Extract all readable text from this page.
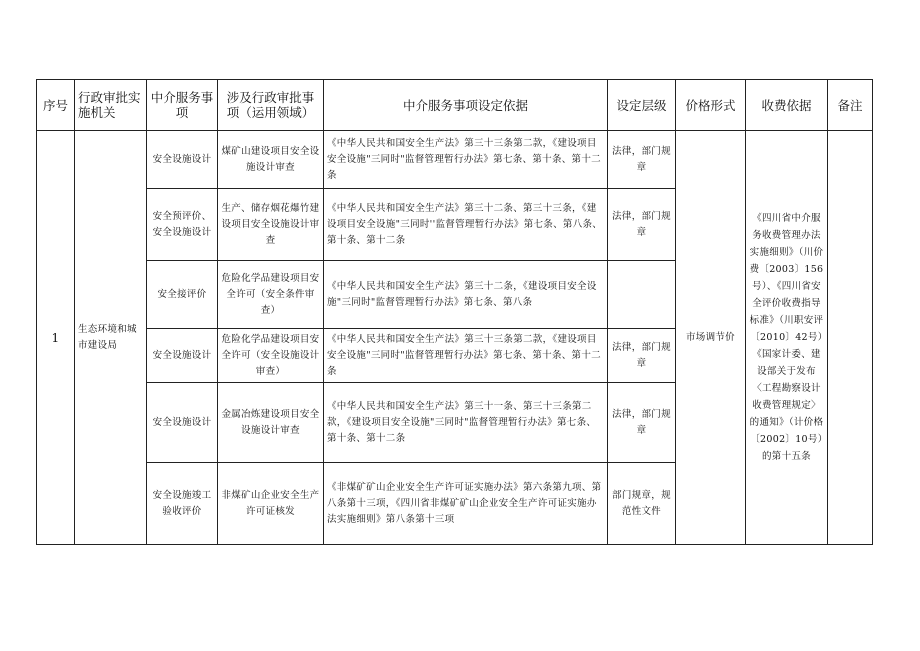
序号	行政审批实施机关	中介服务事项	涉及行政审批事项（运用领域）	中介服务事项设定依据	设定层级	价格形式	收费依据	备注
1	生态环境和城市建设局	安全设施设计	煤矿山建设项目安全设施设计审查	《中华人民共和国安全生产法》第三十三条第二款，《建设项目安全设施"三同时"监督管理暂行办法》第七条、第十条、第十二条	法律，部门规章	市场调节价	《四川省中介服务收费管理办法实施细则》（川价费〔2003〕156号）、《四川省安全评价收费指导标准》（川职安评〔2010〕42号）《国家计委、建设部关于发布〈工程勘察设计收费管理规定〉的通知》（计价格〔2002〕10号）的第十五条	
		安全预评价、安全设施设计	生产、储存烟花爆竹建设项目安全设施设计审查	《中华人民共和国安全生产法》第三十二条、第三十三条，《建设项目安全设施"三同时''监督管理暂行办法》第七条、第八条、第十条、第十二条	法律，部门规章			
		安全接评价	危险化学品建设项目安全许可（安全条件审查）	《中华人民共和国安全生产法》第三十二条，《建设项目安全设施"三同时"监督管理暂行办法》第七条、第八条				
		安全设施设计	危险化学品建设项目安全许可（安全设施设计审查）	《中华人民共和国安全生产法》第三十三条第二款，《建设项目安全设施"三同时"监督管理暂行办法》第七条、第十条、第十二条	法律，部门规章			
		安全设施设计	金属冶炼建设项目安全设施设计审查	《中华人民共和国安全生产法》第三十一条、第三十三条第二款，《建设项目安全设施"三同时"监督管理暂行办法》第七条、第十条、第十二条	法律，部门规章			
		安全设施竣工验收评价	非煤矿山企业安全生产许可证核发	《非煤矿矿山企业安全生产许可证实施办法》第六条第九项、第八条第十三项，《四川省非煤矿矿山企业安全生产许可证实施办法实施细则》第八条第十三项	部门规章，规范性文件			
